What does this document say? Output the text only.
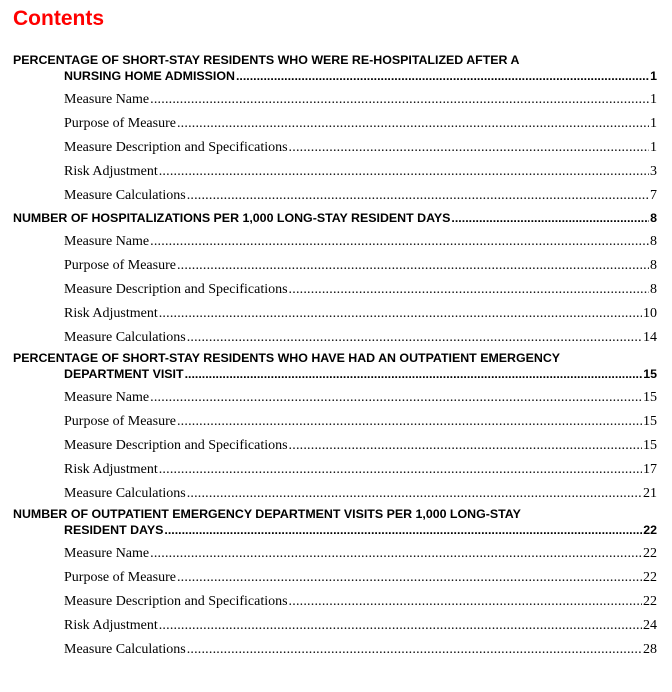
Contents
PERCENTAGE OF SHORT-STAY RESIDENTS WHO WERE RE-HOSPITALIZED AFTER A
NURSING HOME ADMISSION .....	1
Measure Name .....	1
Purpose of Measure .....	1
Measure Description and Specifications .....	1
Risk Adjustment .....	3
Measure Calculations .....	7
NUMBER OF HOSPITALIZATIONS PER 1,000 LONG-STAY RESIDENT DAYS .....	8
Measure Name .....	8
Purpose of Measure .....	8
Measure Description and Specifications .....	8
Risk Adjustment .....	10
Measure Calculations .....	14
PERCENTAGE OF SHORT-STAY RESIDENTS WHO HAVE HAD AN OUTPATIENT EMERGENCY
DEPARTMENT VISIT .....	15
Measure Name .....	15
Purpose of Measure .....	15
Measure Description and Specifications .....	15
Risk Adjustment .....	17
Measure Calculations .....	21
NUMBER OF OUTPATIENT EMERGENCY DEPARTMENT VISITS PER 1,000 LONG-STAY
RESIDENT DAYS .....	22
Measure Name .....	22
Purpose of Measure .....	22
Measure Description and Specifications .....	22
Risk Adjustment .....	24
Measure Calculations .....	28
